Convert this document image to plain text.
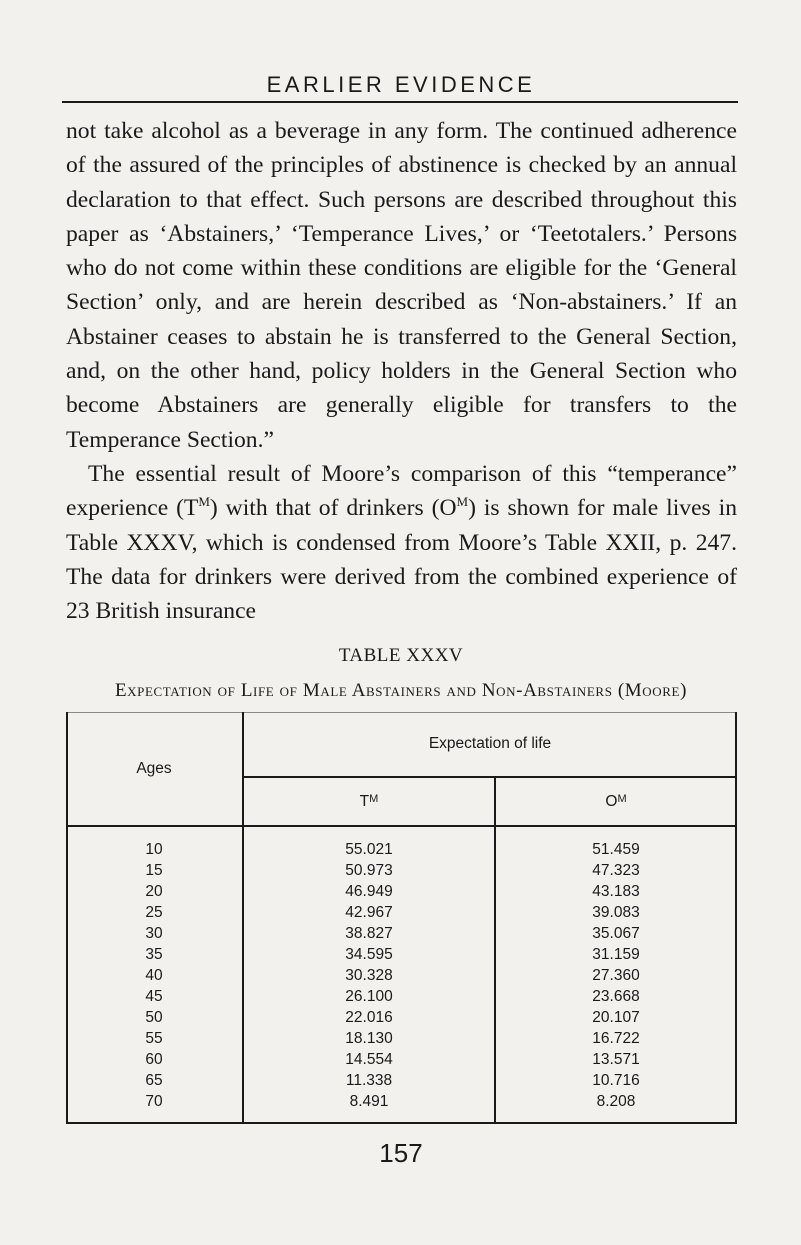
EARLIER EVIDENCE

not take alcohol as a beverage in any form. The continued adherence of the assured of the principles of abstinence is checked by an annual declaration to that effect. Such persons are described throughout this paper as ‘Abstainers,’ ‘Temperance Lives,’ or ‘Teetotalers.’ Persons who do not come within these conditions are eligible for the ‘General Section’ only, and are herein described as ‘Non-abstainers.’ If an Abstainer ceases to abstain he is transferred to the General Section, and, on the other hand, policy holders in the General Section who become Abstainers are generally eligible for transfers to the Temperance Section.”

The essential result of Moore’s comparison of this “temperance” experience $(T^M)$ with that of drinkers $(O^M)$ is shown for male lives in Table XXXV, which is condensed from Moore’s Table XXII, p. 247. The data for drinkers were derived from the combined experience of 23 British insurance

TABLE XXXV
Expectation of Life of Male Abstainers and Non-Abstainers (Moore)
Ages	Expectation of life	
	$T^M$	$O^M$
10	55.021	51.459
15	50.973	47.323
20	46.949	43.183
25	42.967	39.083
30	38.827	35.067
35	34.595	31.159
40	30.328	27.360
45	26.100	23.668
50	22.016	20.107
55	18.130	16.722
60	14.554	13.571
65	11.338	10.716
70	8.491	8.208
157
